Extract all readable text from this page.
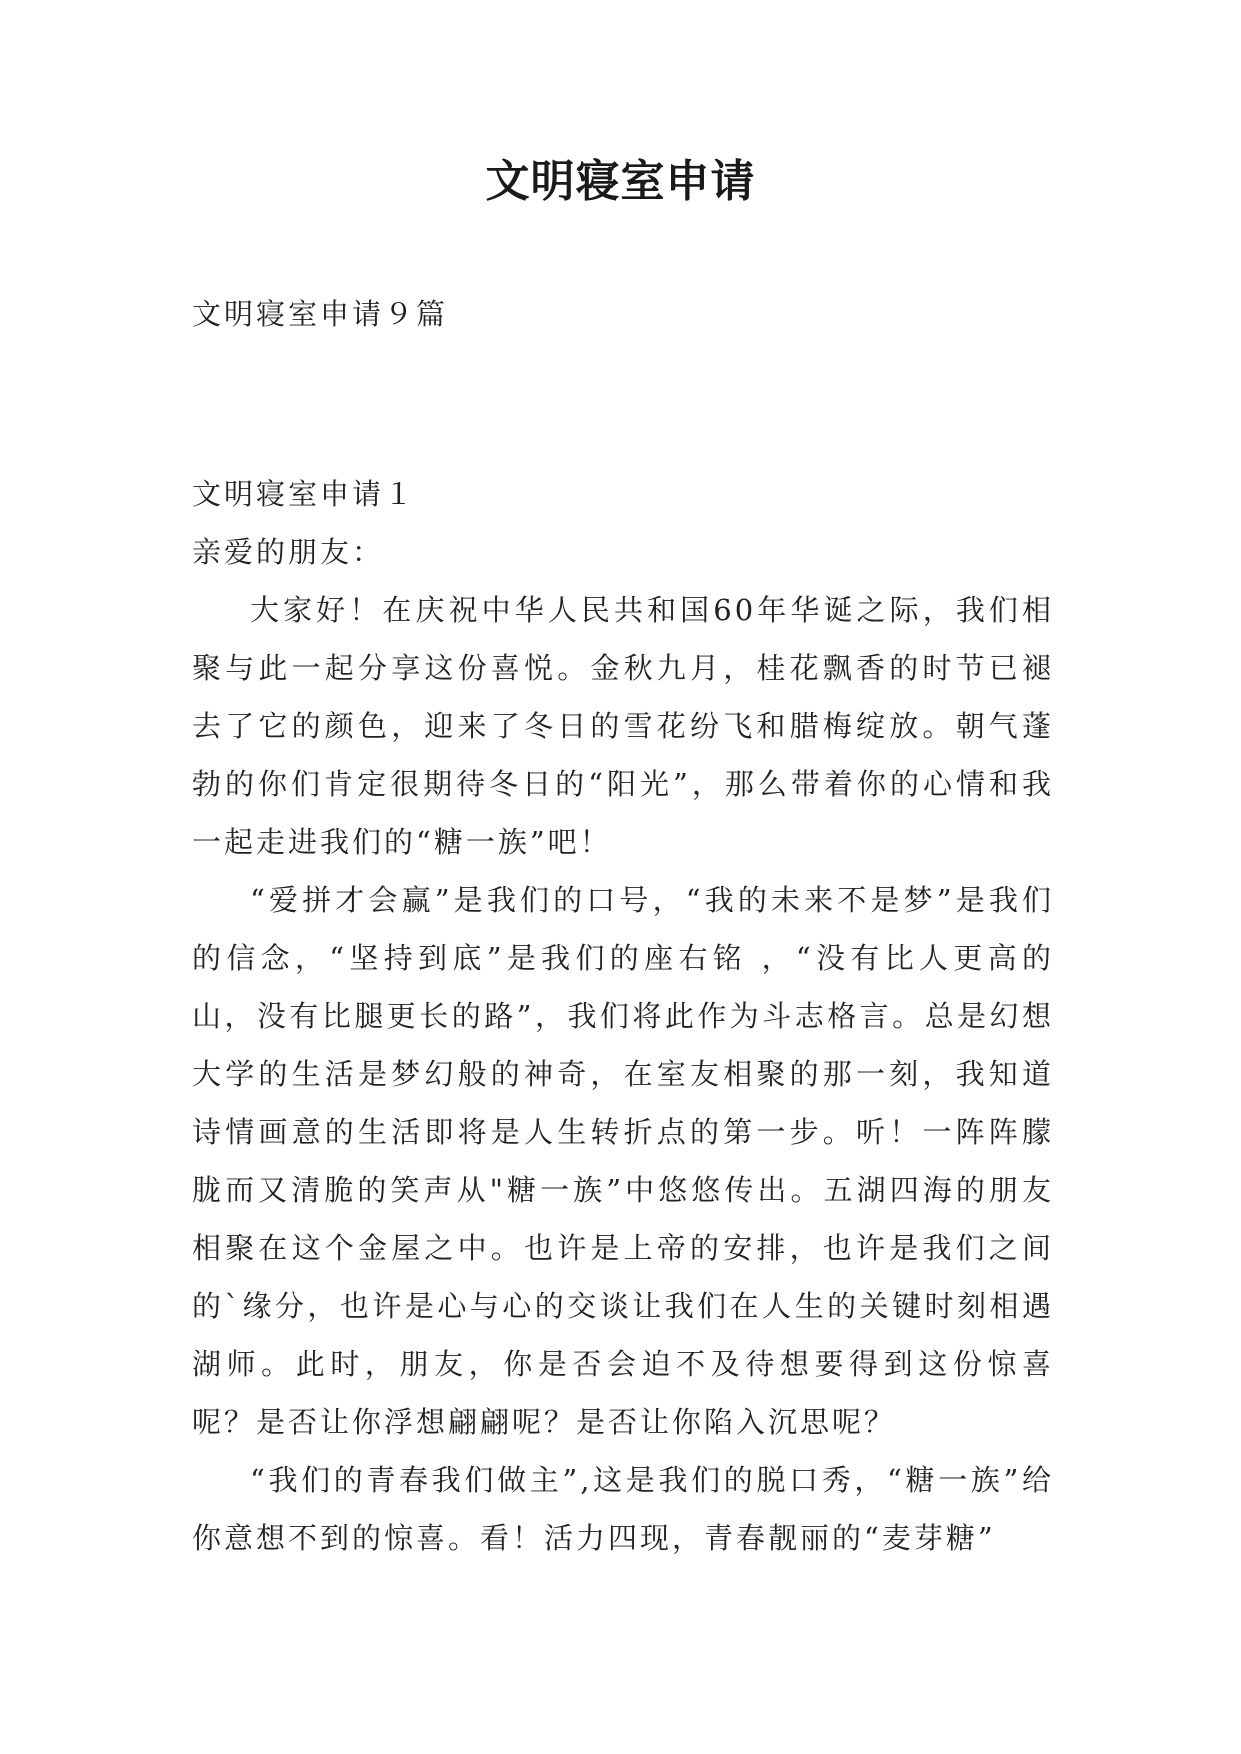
文明寝室申请

文明寝室申请９篇

文明寝室申请１

亲爱的朋友：

大家好！在庆祝中华人民共和国60年华诞之际，我们相聚与此一起分享这份喜悦。金秋九月，桂花飘香的时节已褪去了它的颜色，迎来了冬日的雪花纷飞和腊梅绽放。朝气蓬勃的你们肯定很期待冬日的“阳光”，那么带着你的心情和我一起走进我们的“糖一族”吧！

“爱拼才会赢”是我们的口号，“我的未来不是梦”是我们的信念，“坚持到底”是我们的座右铭 ，“没有比人更高的山，没有比腿更长的路”，我们将此作为斗志格言。总是幻想大学的生活是梦幻般的神奇，在室友相聚的那一刻，我知道诗情画意的生活即将是人生转折点的第一步。听！一阵阵朦胧而又清脆的笑声从"糖一族”中悠悠传出。五湖四海的朋友相聚在这个金屋之中。也许是上帝的安排，也许是我们之间的`缘分，也许是心与心的交谈让我们在人生的关键时刻相遇湖师。此时，朋友，你是否会迫不及待想要得到这份惊喜呢？是否让你浮想翩翩呢？是否让你陷入沉思呢？

“我们的青春我们做主”,这是我们的脱口秀，“糖一族”给你意想不到的惊喜。看！活力四现，青春靓丽的“麦芽糖”
